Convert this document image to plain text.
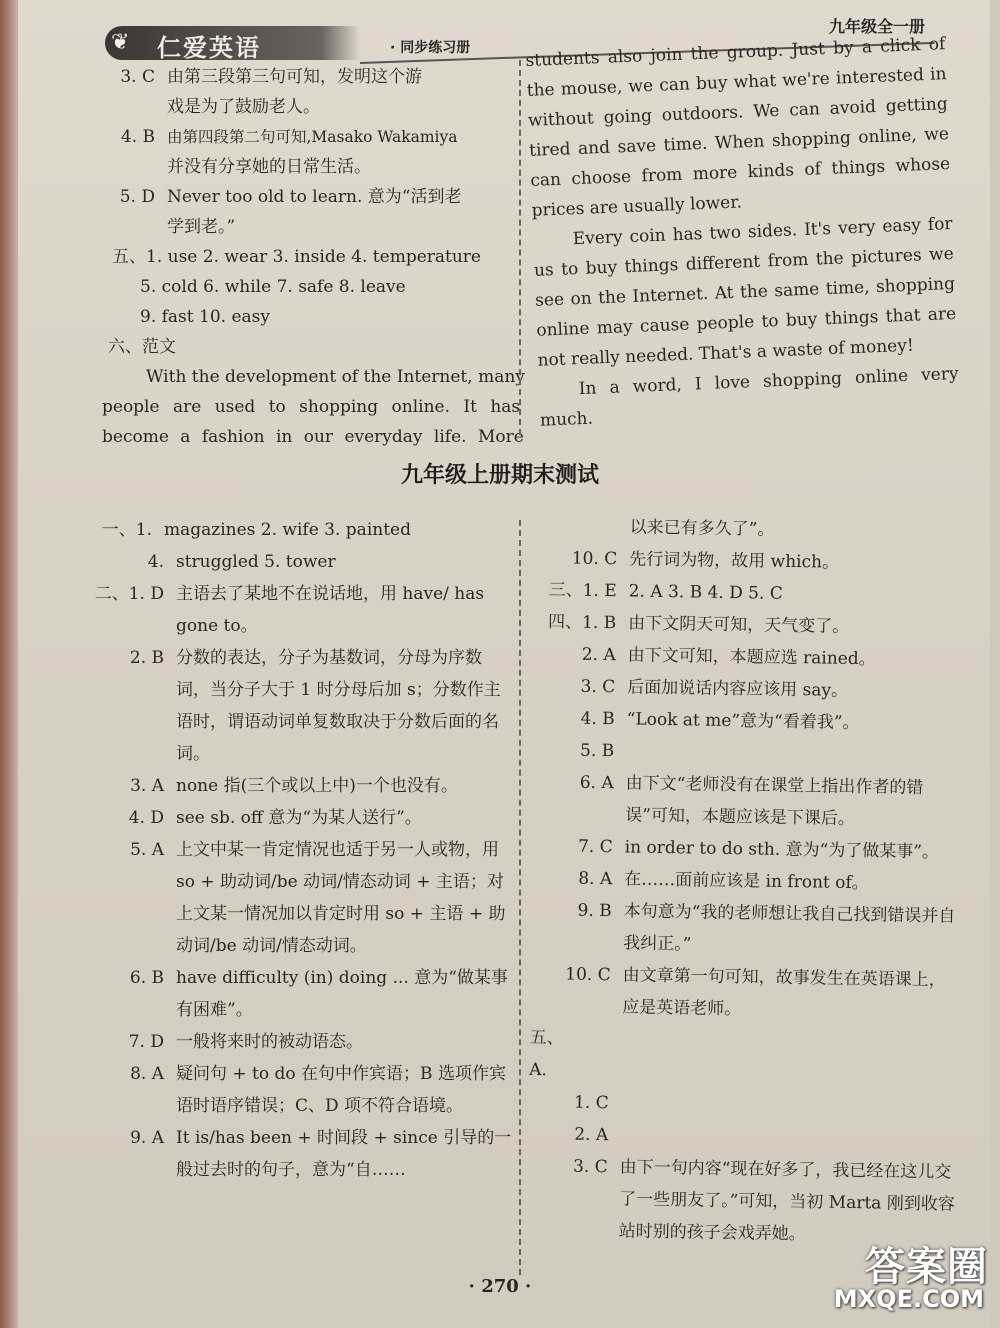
❦	仁爱英语	· 同步练习册
九年级全一册
3. C 由第三段第三句可知，发明这个游
戏是为了鼓励老人。
4. B 由第四段第二句可知,Masako Wakamiya
并没有分享她的日常生活。
5. D Never too old to learn. 意为“活到老
学到老。”
五、1. use 2. wear 3. inside 4. temperature
5. cold 6. while 7. safe 8. leave
9. fast 10. easy
六、范文
With the development of the Internet, many
people are used to shopping online. It has
become a fashion in our everyday life. More
students also join the group. Just by a click of the mouse, we can buy what we're interested in without going outdoors. We can avoid getting tired and save time. When shopping online, we can choose from more kinds of things whose prices are usually lower.
Every coin has two sides. It's very easy for us to buy things different from the pictures we see on the Internet. At the same time, shopping online may cause people to buy things that are not really needed. That's a waste of money!
In a word, I love shopping online very much.
九年级上册期末测试
一、1. magazines 2. wife 3. painted
4. struggled 5. tower
二、1. D 主语去了某地不在说话地，用 have/ has gone to。
2. B 分数的表达，分子为基数词，分母为序数词，当分子大于 1 时分母后加 s；分数作主语时，谓语动词单复数取决于分数后面的名词。
3. A none 指(三个或以上中)一个也没有。
4. D see sb. off 意为“为某人送行”。
5. A 上文中某一肯定情况也适于另一人或物，用 so + 助动词/be 动词/情态动词 + 主语；对上文某一情况加以肯定时用 so + 主语 + 助动词/be 动词/情态动词。
6. B have difficulty (in) doing ... 意为“做某事有困难”。
7. D 一般将来时的被动语态。
8. A 疑问句 + to do 在句中作宾语；B 选项作宾语时语序错误；C、D 项不符合语境。
9. A It is/has been + 时间段 + since 引导的一般过去时的句子，意为“自……
以来已有多久了”。
10. C 先行词为物，故用 which。
三、1. E 2. A 3. B 4. D 5. C
四、1. B 由下文阴天可知，天气变了。
2. A 由下文可知，本题应选 rained。
3. C 后面加说话内容应该用 say。
4. B “Look at me”意为“看着我”。
5. B
6. A 由下文“老师没有在课堂上指出作者的错误”可知，本题应该是下课后。
7. C in order to do sth. 意为“为了做某事”。
8. A 在……面前应该是 in front of。
9. B 本句意为“我的老师想让我自己找到错误并自我纠正。”
10. C 由文章第一句可知，故事发生在英语课上，应是英语老师。
五、A.
1. C
2. A
3. C 由下一句内容“现在好多了，我已经在这儿交了一些朋友了。”可知，当初 Marta 刚到收容站时别的孩子会戏弄她。
· 270 ·	答案圈
MXQE.COM
